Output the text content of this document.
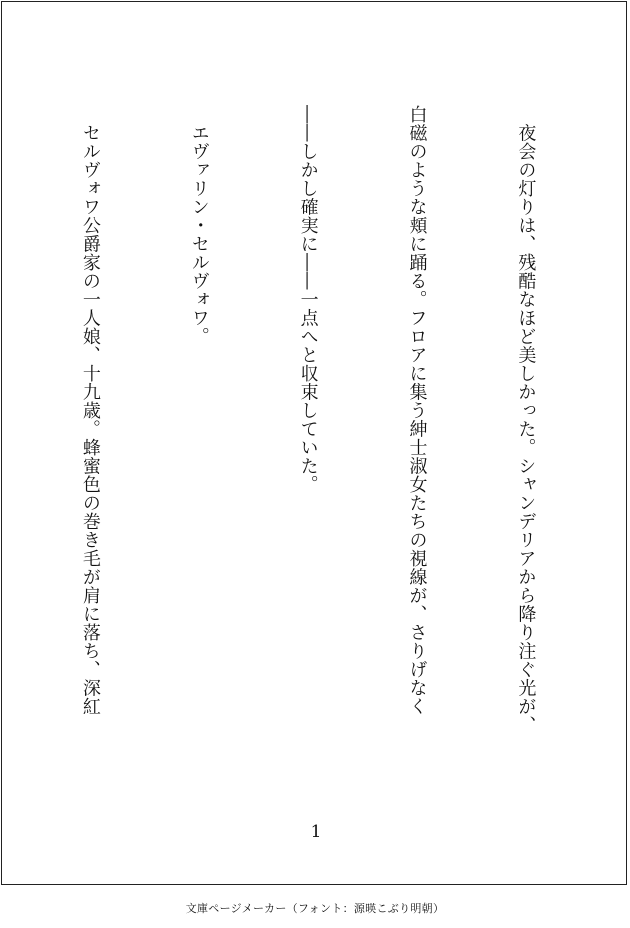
　夜会の灯りは、残酷なほど美しかった。シャンデリアから降り注ぐ光が、

白磁のような頬に踊る。フロアに集う紳士淑女たちの視線が、さりげなく

――しかし確実に――一点へと収束していた。

　エヴァリン・セルヴォワ。

　セルヴォワ公爵家の一人娘、十九歳。蜂蜜色の巻き毛が肩に落ち、深紅

1
文庫ページメーカー（フォント：源暎こぶり明朝）
